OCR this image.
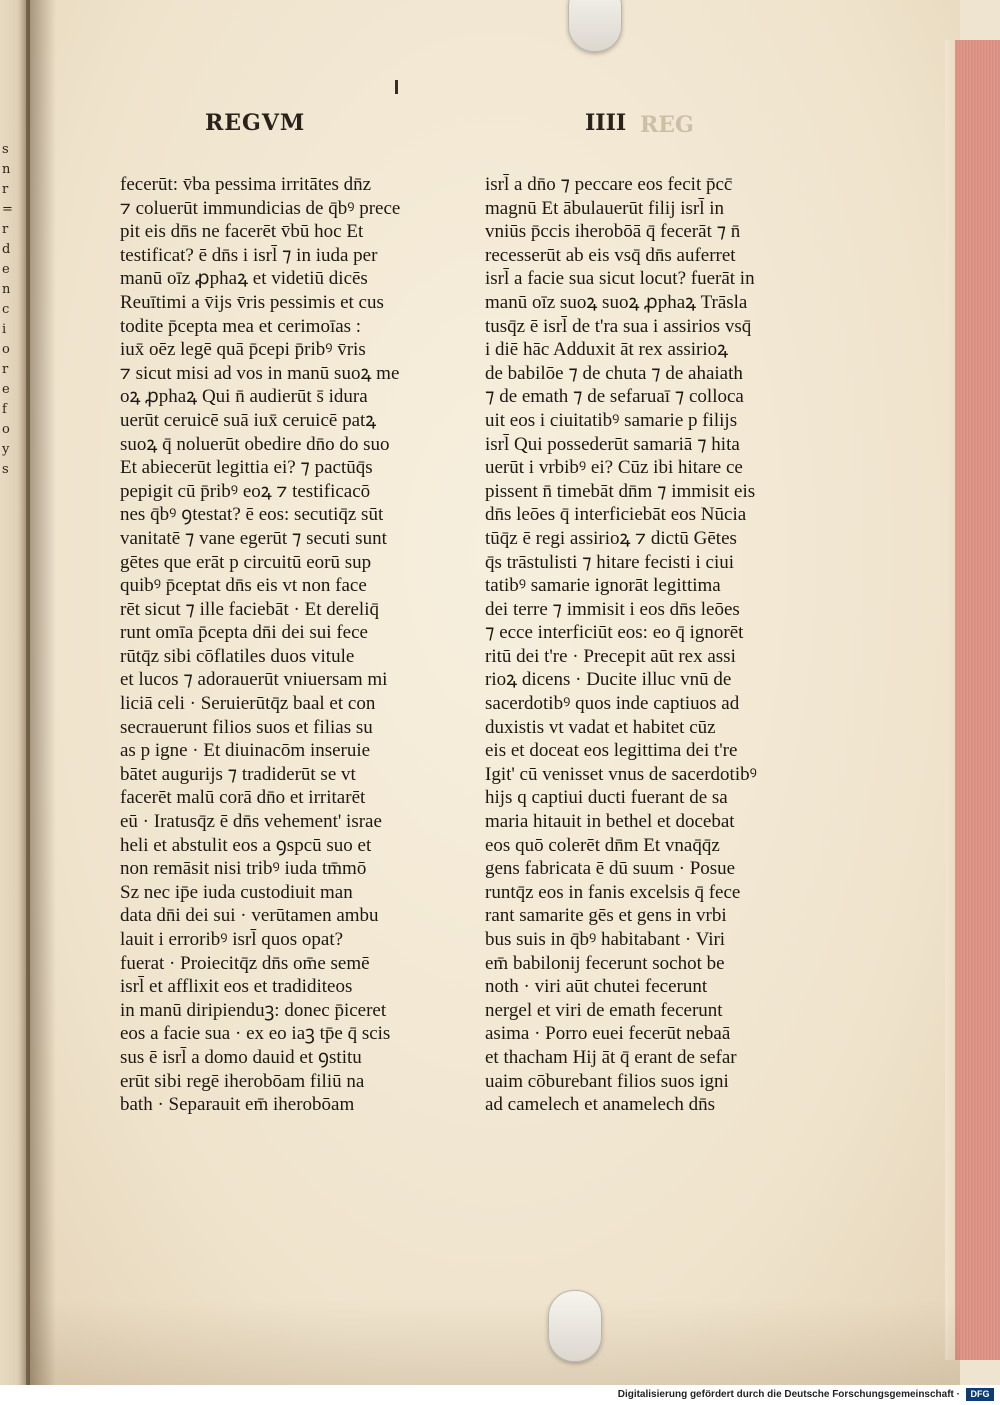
s
n
r
=
r
d
e
n
c
i
o
r
e
f
o
y
s
REGVM	IIII REG
fecerūt: v̄ba pessima irritātes dn̄z
⁊ coluerūt immundicias de q̄bꝰ prece
pit eis dn̄s ne facerēt v̄bū hoc Et
testificat? ē dn̄s i isrl̄ ⁊ in iuda per
manū oīz ꝓphaꝝ et videtiū dicēs
Reuītimi a v̄ijs v̄ris pessimis et cus
todite p̄cepta mea et cerimoīas :
iux̄ oēz legē quā p̄cepi p̄ribꝰ v̄ris
⁊ sicut misi ad vos in manū suoꝝ me
oꝝ ꝓphaꝝ Qui n̄ audierūt s̄ idura
uerūt ceruicē suā iux̄ ceruicē patꝝ
suoꝝ q̄ noluerūt obedire dn̄o do suo
Et abiecerūt legittia ei? ⁊ pactūq̄s
pepigit cū p̄ribꝰ eoꝝ ⁊ testificacō
nes q̄bꝰ ꝯtestat? ē eos: secutiq̄z sūt
vanitatē ⁊ vane egerūt ⁊ secuti sunt
gētes que erāt p circuitū eorū sup
quibꝰ p̄ceptat dn̄s eis vt non face
rēt sicut ⁊ ille faciebāt · Et dereliq̄
runt omīa p̄cepta dn̄i dei sui fece
rūtq̄z sibi cōflatiles duos vitule
et lucos ⁊ adorauerūt vniuersam mi
liciā celi · Seruierūtq̄z baal et con
secrauerunt filios suos et filias su
as p igne · Et diuinacōm inseruie
bātet augurijs ⁊ tradiderūt se vt
facerēt malū corā dn̄o et irritarēt
eū · Iratusq̄z ē dn̄s vehement' israe
heli et abstulit eos a ꝯspcū suo et
non remāsit nisi tribꝰ iuda tm̄mō
Sz nec ip̄e iuda custodiuit man
data dn̄i dei sui · verūtamen ambu
lauit i erroribꝰ isrl̄ quos opat?
fuerat · Proiecitq̄z dn̄s om̄e semē
isrl̄ et afflixit eos et tradiditeos
in manū diripienduꝫ: donec p̄iceret
eos a facie sua · ex eo iaꝫ tp̄e q̄ scis
sus ē isrl̄ a domo dauid et ꝯstitu
erūt sibi regē iherobōam filiū na
bath · Separauit em̄ iherobōam
isrl̄ a dn̄o ⁊ peccare eos fecit p̄cc̄
magnū Et ābulauerūt filij isrl̄ in
vniūs p̄ccis iherobōā q̄ fecerāt ⁊ n̄
recesserūt ab eis vsq̄ dn̄s auferret
isrl̄ a facie sua sicut locut? fuerāt in
manū oīz suoꝝ suoꝝ ꝓphaꝝ Trāsla
tusq̄z ē isrl̄ de t'ra sua i assirios vsq̄
i diē hāc Adduxit āt rex assirioꝝ
de babilōe ⁊ de chuta ⁊ de ahaiath
⁊ de emath ⁊ de sefaruaī ⁊ colloca
uit eos i ciuitatibꝰ samarie p filijs
isrl̄ Qui possederūt samariā ⁊ hita
uerūt i vrbibꝰ ei? Cūz ibi hitare ce
pissent n̄ timebāt dn̄m ⁊ immisit eis
dn̄s leōes q̄ interficiebāt eos Nūcia
tūq̄z ē regi assirioꝝ ⁊ dictū Gētes
q̄s trāstulisti ⁊ hitare fecisti i ciui
tatibꝰ samarie ignorāt legittima
dei terre ⁊ immisit i eos dn̄s leōes
⁊ ecce interficiūt eos: eo q̄ ignorēt
ritū dei t're · Precepit aūt rex assi
rioꝝ dicens · Ducite illuc vnū de
sacerdotibꝰ quos inde captiuos ad
duxistis vt vadat et habitet cūz
eis et doceat eos legittima dei t're
Igit' cū venisset vnus de sacerdotibꝰ
hijs q captiui ducti fuerant de sa
maria hitauit in bethel et docebat
eos quō colerēt dn̄m Et vnaq̄q̄z
gens fabricata ē dū suum · Posue
runtq̄z eos in fanis excelsis q̄ fece
rant samarite gēs et gens in vrbi
bus suis in q̄bꝰ habitabant · Viri
em̄ babilonij fecerunt sochot be
noth · viri aūt chutei fecerunt
nergel et viri de emath fecerunt
asima · Porro euei fecerūt nebaā
et thacham Hij āt q̄ erant de sefar
uaim cōburebant filios suos igni
ad camelech et anamelech dn̄s
Digitalisierung gefördert durch die Deutsche Forschungsgemeinschaft ·	DFG
